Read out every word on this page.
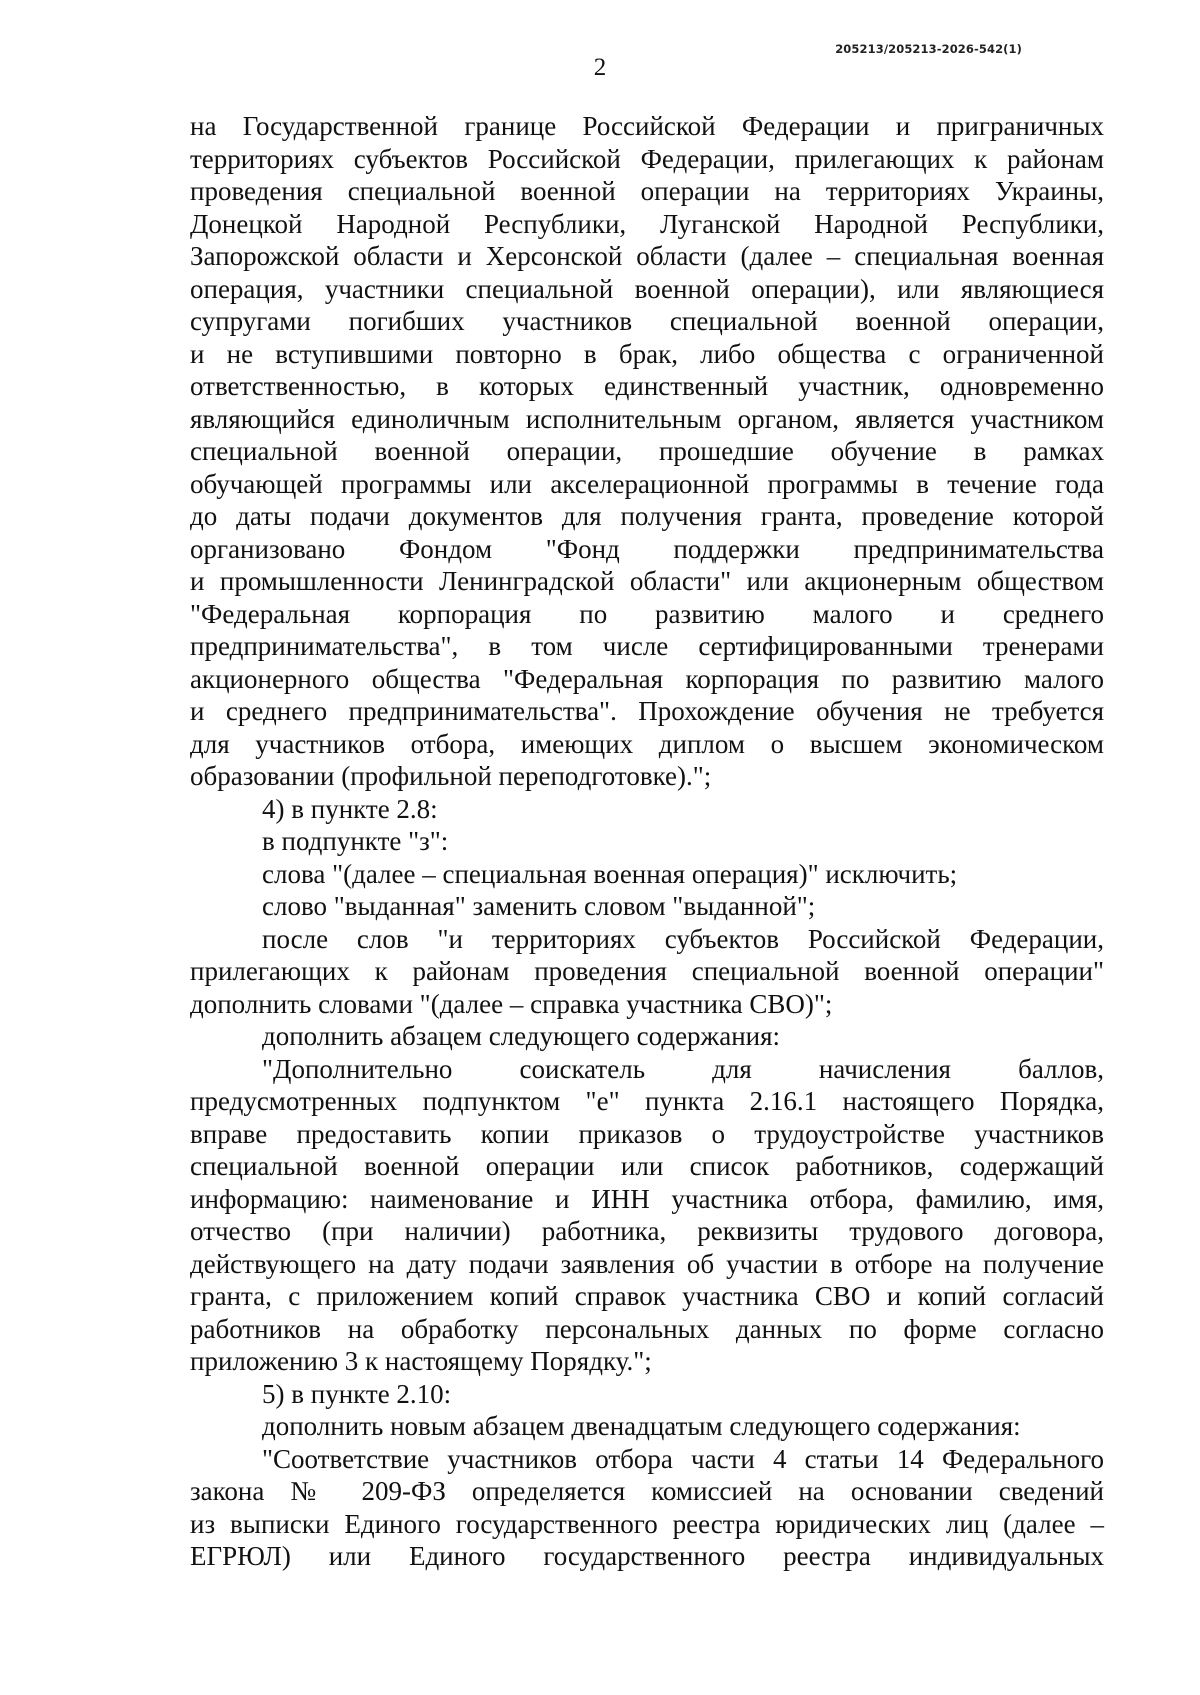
205213/205213-2026-542(1)
2
на Государственной границе Российской Федерации и приграничных
территориях субъектов Российской Федерации, прилегающих к районам
проведения специальной военной операции на территориях Украины,
Донецкой Народной Республики, Луганской Народной Республики,
Запорожской области и Херсонской области (далее – специальная военная
операция, участники специальной военной операции), или являющиеся
супругами погибших участников специальной военной операции,
и не вступившими повторно в брак, либо общества с ограниченной
ответственностью, в которых единственный участник, одновременно
являющийся единоличным исполнительным органом, является участником
специальной военной операции, прошедшие обучение в рамках
обучающей программы или акселерационной программы в течение года
до даты подачи документов для получения гранта, проведение которой
организовано Фондом "Фонд поддержки предпринимательства
и промышленности Ленинградской области" или акционерным обществом
"Федеральная корпорация по развитию малого и среднего
предпринимательства", в том числе сертифицированными тренерами
акционерного общества "Федеральная корпорация по развитию малого
и среднего предпринимательства". Прохождение обучения не требуется
для участников отбора, имеющих диплом о высшем экономическом
образовании (профильной переподготовке).";
4) в пункте 2.8:
в подпункте "з":
слова "(далее – специальная военная операция)" исключить;
слово "выданная" заменить словом "выданной";
после слов "и территориях субъектов Российской Федерации,
прилегающих к районам проведения специальной военной операции"
дополнить словами "(далее – справка участника СВО)";
дополнить абзацем следующего содержания:
"Дополнительно соискатель для начисления баллов,
предусмотренных подпунктом "е" пункта 2.16.1 настоящего Порядка,
вправе предоставить копии приказов о трудоустройстве участников
специальной военной операции или список работников, содержащий
информацию: наименование и ИНН участника отбора, фамилию, имя,
отчество (при наличии) работника, реквизиты трудового договора,
действующего на дату подачи заявления об участии в отборе на получение
гранта, с приложением копий справок участника СВО и копий согласий
работников на обработку персональных данных по форме согласно
приложению 3 к настоящему Порядку.";
5) в пункте 2.10:
дополнить новым абзацем двенадцатым следующего содержания:
"Соответствие участников отбора части 4 статьи 14 Федерального
закона № 209-ФЗ определяется комиссией на основании сведений
из выписки Единого государственного реестра юридических лиц (далее –
ЕГРЮЛ) или Единого государственного реестра индивидуальных
